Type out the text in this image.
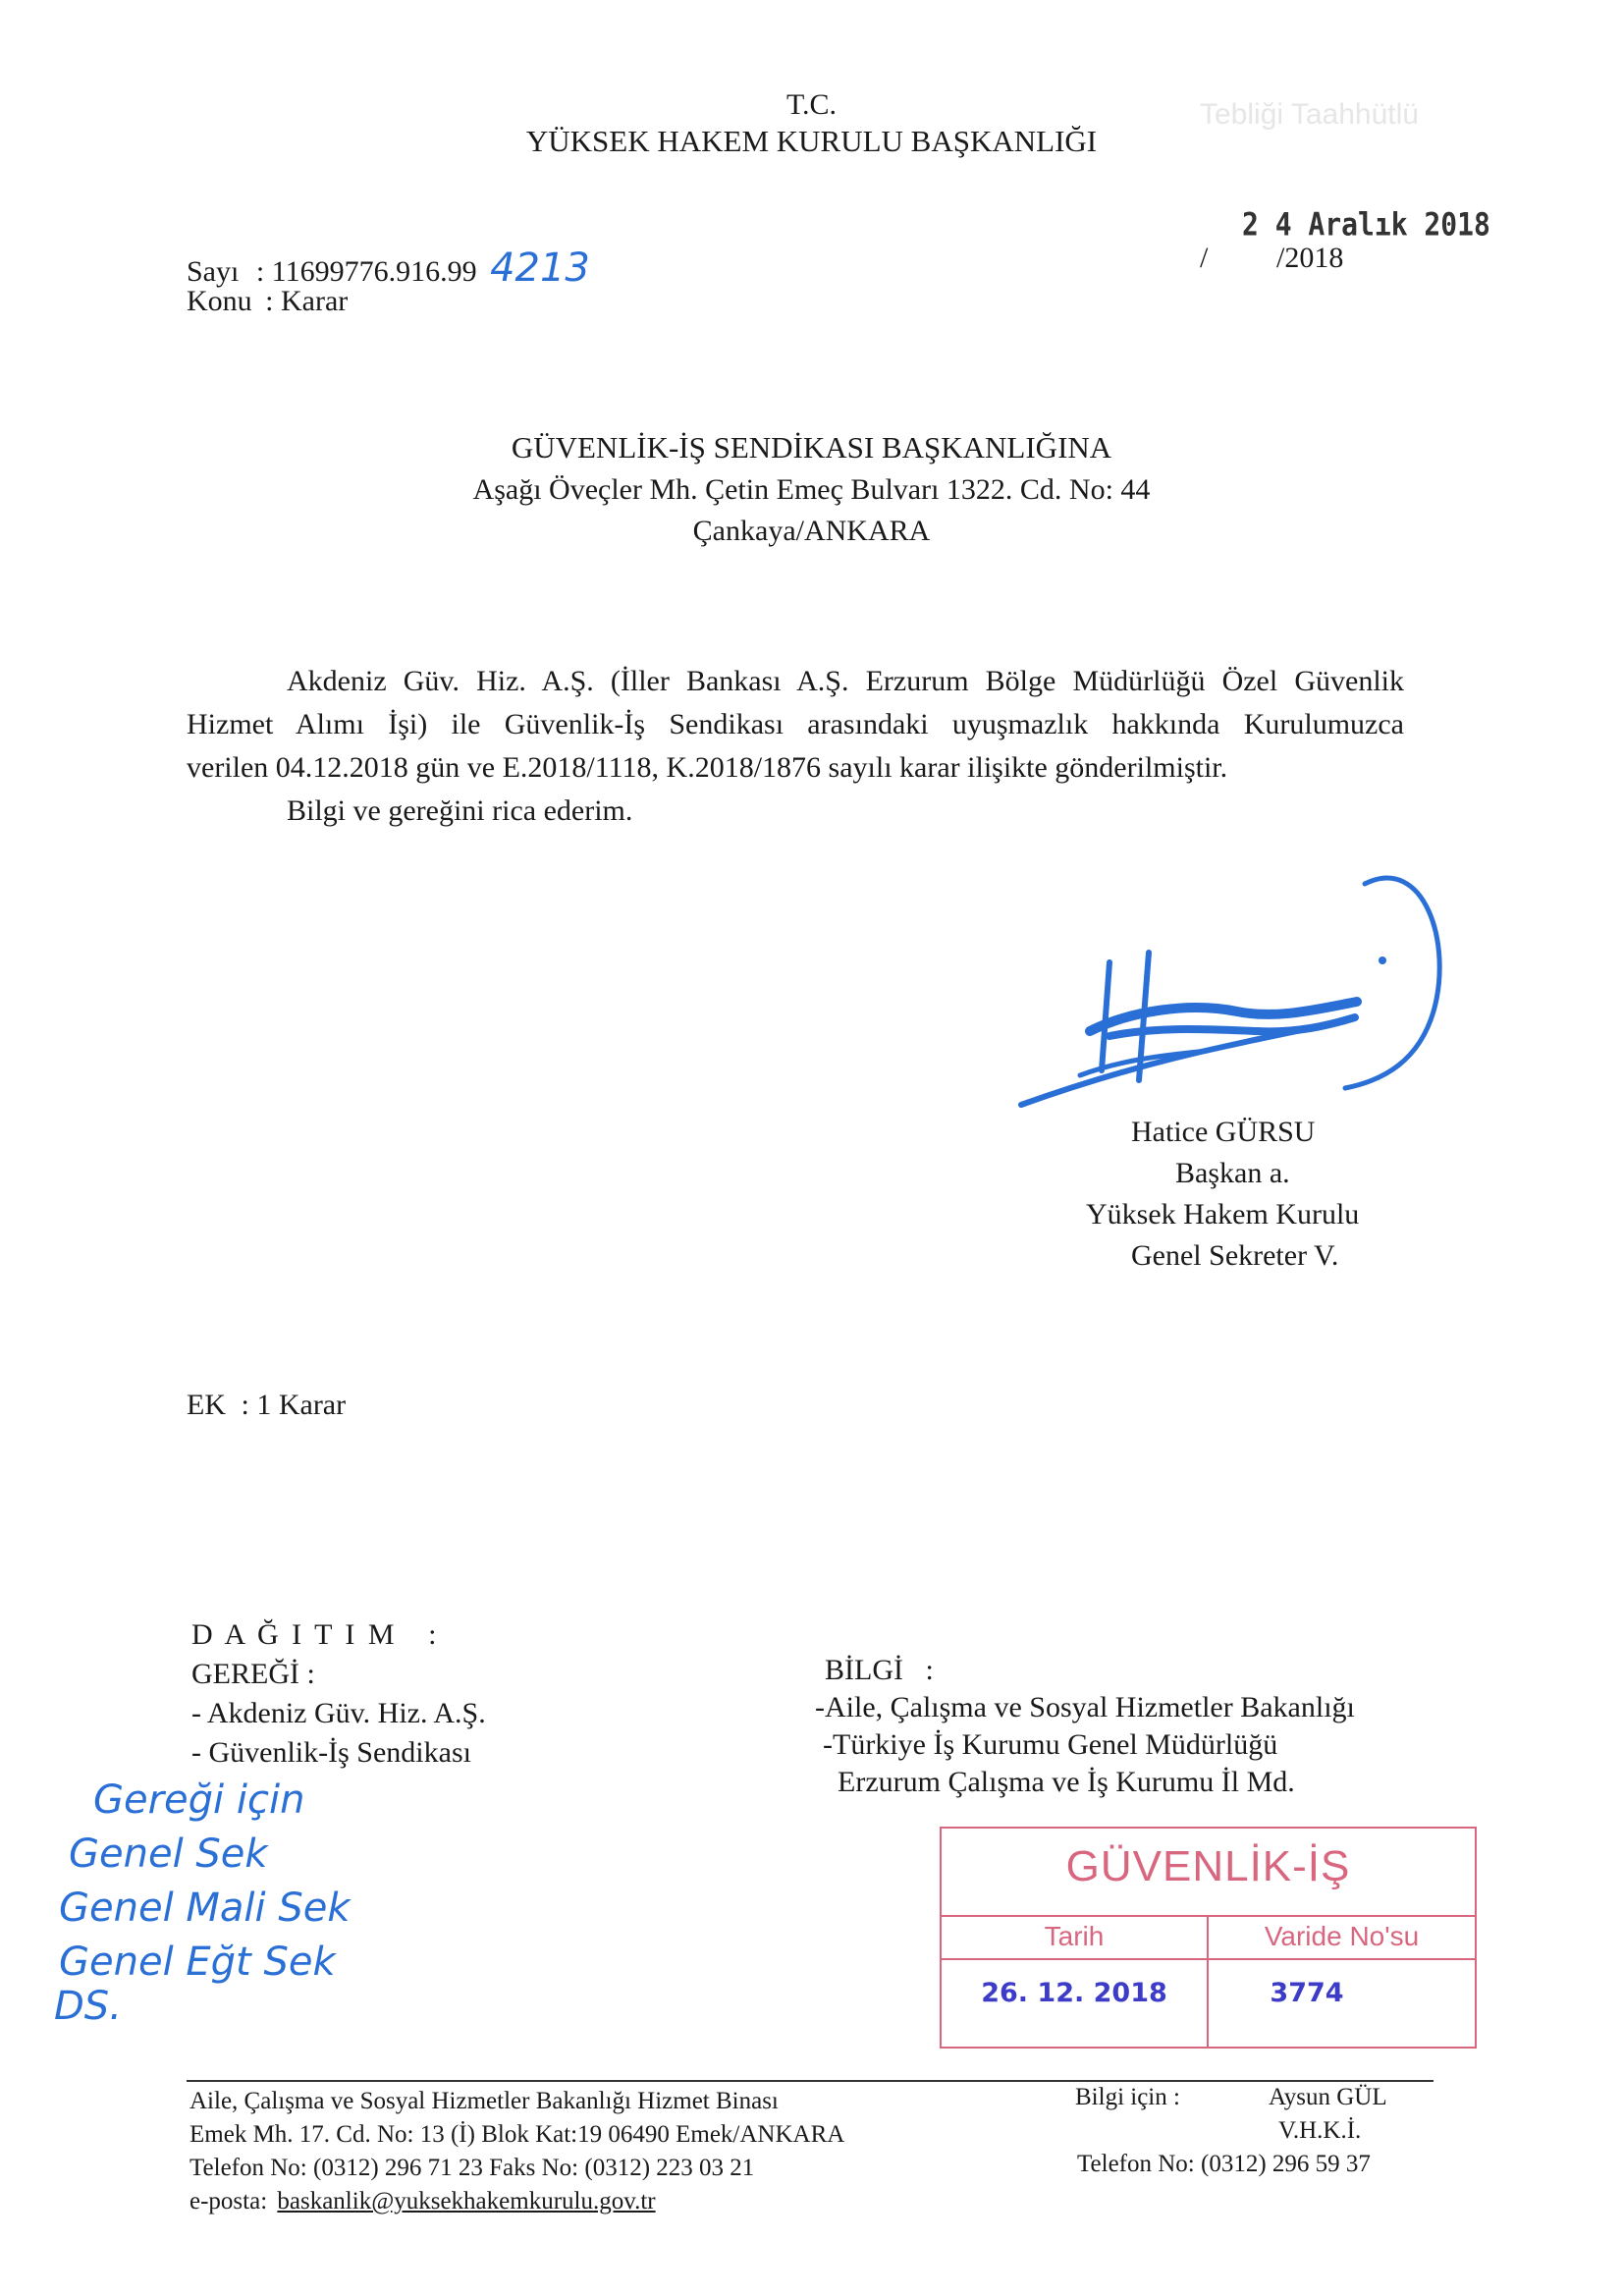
T.C.
YÜKSEK HAKEM KURULU BAŞKANLIĞI
Tebliği Taahhütlü
Sayı : 11699776.916.99 4213
Konu : Karar
2 4 Aralık 2018
/ /2018
GÜVENLİK-İŞ SENDİKASI BAŞKANLIĞINA
Aşağı Öveçler Mh. Çetin Emeç Bulvarı 1322. Cd. No: 44
Çankaya/ANKARA
Akdeniz Güv. Hiz. A.Ş. (İller Bankası A.Ş. Erzurum Bölge Müdürlüğü Özel Güvenlik
Hizmet Alımı İşi) ile Güvenlik-İş Sendikası arasındaki uyuşmazlık hakkında Kurulumuzca
verilen 04.12.2018 gün ve E.2018/1118, K.2018/1876 sayılı karar ilişikte gönderilmiştir.
Bilgi ve gereğini rica ederim.
Hatice GÜRSU
Başkan a.
Yüksek Hakem Kurulu
Genel Sekreter V.
EK : 1 Karar
D A Ğ I T I M   :
GEREĞİ :
- Akdeniz Güv. Hiz. A.Ş.
- Güvenlik-İş Sendikası
BİLGİ   :
-Aile, Çalışma ve Sosyal Hizmetler Bakanlığı
-Türkiye İş Kurumu Genel Müdürlüğü
Erzurum Çalışma ve İş Kurumu İl Md.
Gereği için
Genel Sek
Genel Mali Sek
Genel Eğt Sek
DS.
GÜVENLİK-İŞ
Tarih	Varide No'su
26. 12. 2018	3774
Aile, Çalışma ve Sosyal Hizmetler Bakanlığı Hizmet Binası
Emek Mh. 17. Cd. No: 13 (İ) Blok Kat:19 06490 Emek/ANKARA
Telefon No: (0312) 296 71 23 Faks No: (0312) 223 03 21
e-posta: baskanlik@yuksekhakemkurulu.gov.tr
Bilgi için :	Aysun GÜL
V.H.K.İ.
Telefon No: (0312) 296 59 37
